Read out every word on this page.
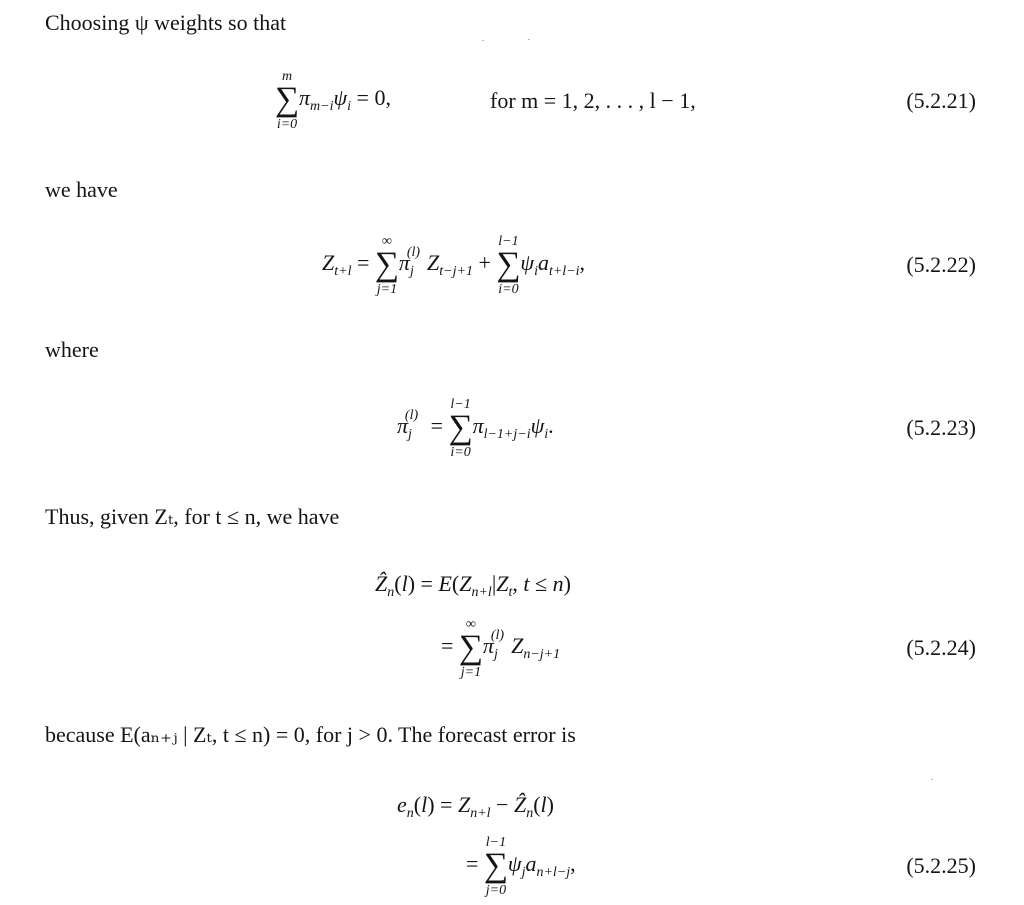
Choosing ψ weights so that
m
∑
i=0
$\pi_{m-i}\psi_i = 0$,	for m = 1, 2, . . . , l − 1,	(5.2.21)
we have
$Z_{t+l}$ =
∞
∑
j=1
$\pi_j^{(l)}$ $Z_{t-j+1}$ +
l−1
∑
i=0
$\psi_ia_{t+l-i}$,	(5.2.22)
where
$\pi_j^{(l)}$ =
l−1
∑
i=0
$\pi_{l-1+j-i}\psi_i$.	(5.2.23)
Thus, given Zₜ, for t ≤ n, we have
Ẑ$_n$(l) = $E(Z_{n+l}|Z_t$, t ≤ n)
=
∞
∑
j=1
$\pi_j^{(l)}$ $Z_{n-j+1}$	(5.2.24)
because E(aₙ₊ⱼ | Zₜ, t ≤ n) = 0, for j > 0. The forecast error is
$e_n(l) = Z_{n+l}$ − Ẑ$_n$(l)
=
l−1
∑
j=0
$\psi_ja_{n+l-j}$,	(5.2.25)
